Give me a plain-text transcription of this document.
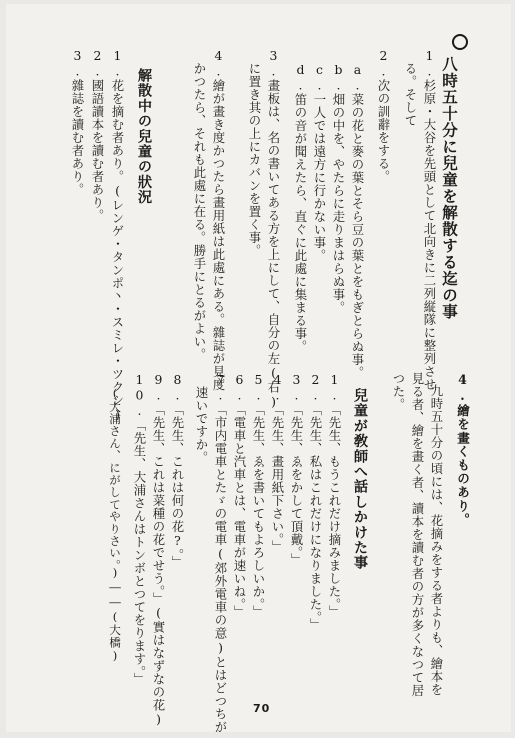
八時五十分に兒童を解散する迄の事
1.杉原・大谷を先頭として北向きに二列縦隊に整列させ
る。そして
2.次の訓辭をする。
a.菜の花と麥の葉とそら豆の葉とをもぎとらぬ事。
b.畑の中を、やたらに走りまはらぬ事。
c.一人では遠方に行かない事。
d.笛の音が聞えたら、直ぐに此處に集まる事。
3.畫板は、名の書いてある方を上にして、自分の左(右)
に置き其の上にカバンを置く事。
4.繪が畫き度かつたら畫用紙は此處にある。雜誌が見度
かつたら、それも此處に在る。勝手にとるがよい。
解散中の兒童の狀況
1.花を摘む者あり。(レンゲ・タンポ丶・スミレ・ツクシ)
2.國語讀本を讀む者あり。
3.雜誌を讀む者あり。
4.繪を畫くものあり。
九時五十分の頃には、花摘みをする者よりも、繪本を
見る者、繪を畫く者、讀本を讀む者の方が多くなつて居
つた。
兒童が敎師へ話しかけた事
1.「先生、もうこれだけ摘みました。」
2.「先生、私はこれだけになりました。」
3.「先生、ゑをかして頂戴。」
4.「先生、畫用紙下さい。」
5.「先生、ゑを書いてもよろしいか。」
6.「電車と汽車とは、電車が速いね。」
7.「市内電車とたゞの電車(郊外電車の意)とはどつちが
速いですか。
8.「先生、これは何の花?。」
9.「先生、これは菜種の花でせう。」(實はなずなの花)
10.「先生、大浦さんはトンボとつてをります。」
(大浦さん、にがしてやりさい。)――(大橋)
70
